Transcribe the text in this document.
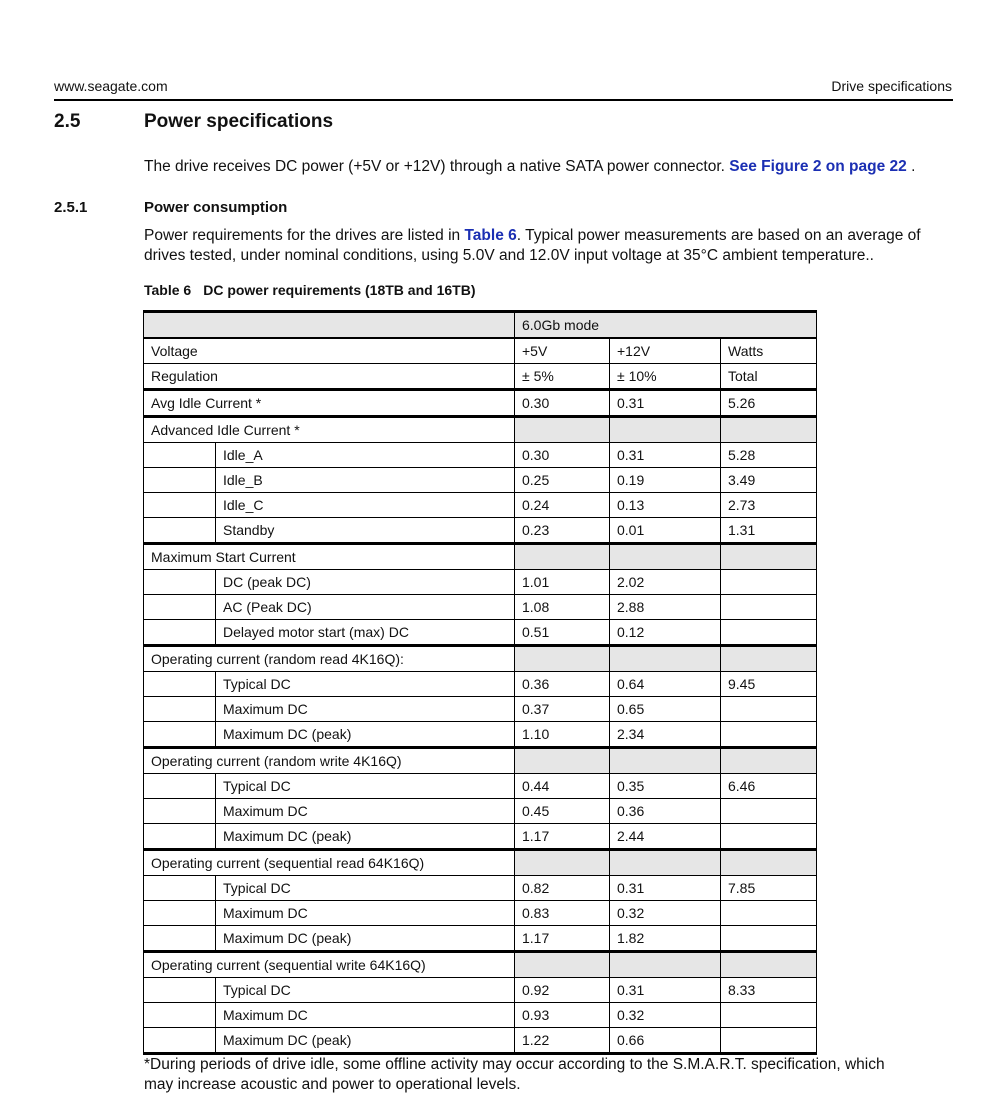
www.seagate.com	Drive specifications
2.5	Power specifications
The drive receives DC power (+5V or +12V) through a native SATA power connector. See Figure 2 on page 22 .
2.5.1	Power consumption
Power requirements for the drives are listed in Table 6. Typical power measurements are based on an average of drives tested, under nominal conditions, using 5.0V and 12.0V input voltage at 35°C ambient temperature..
Table 6 DC power requirements (18TB and 16TB)
		6.0Gb mode		
Voltage		+5V	+12V	Watts
Regulation		± 5%	± 10%	Total
Avg Idle Current *		0.30	0.31	5.26
Advanced Idle Current *				
	Idle_A	0.30	0.31	5.28
	Idle_B	0.25	0.19	3.49
	Idle_C	0.24	0.13	2.73
	Standby	0.23	0.01	1.31
Maximum Start Current				
	DC (peak DC)	1.01	2.02	
	AC (Peak DC)	1.08	2.88	
	Delayed motor start (max) DC	0.51	0.12	
Operating current (random read 4K16Q):				
	Typical DC	0.36	0.64	9.45
	Maximum DC	0.37	0.65	
	Maximum DC (peak)	1.10	2.34	
Operating current (random write 4K16Q)				
	Typical DC	0.44	0.35	6.46
	Maximum DC	0.45	0.36	
	Maximum DC (peak)	1.17	2.44	
Operating current (sequential read 64K16Q)				
	Typical DC	0.82	0.31	7.85
	Maximum DC	0.83	0.32	
	Maximum DC (peak)	1.17	1.82	
Operating current (sequential write 64K16Q)				
	Typical DC	0.92	0.31	8.33
	Maximum DC	0.93	0.32	
	Maximum DC (peak)	1.22	0.66	
*During periods of drive idle, some offline activity may occur according to the S.M.A.R.T. specification, which may increase acoustic and power to operational levels.
